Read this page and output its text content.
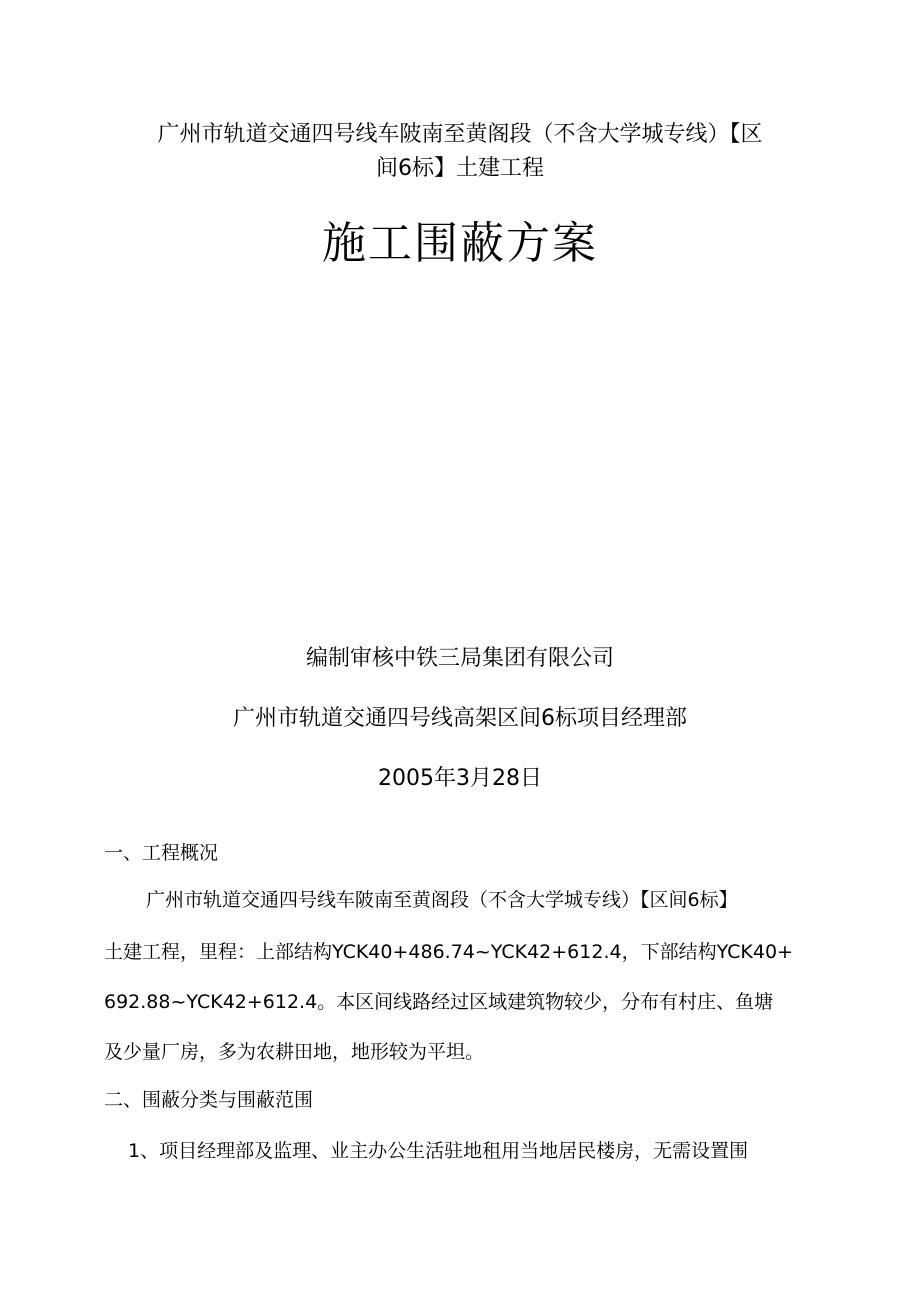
广州市轨道交通四号线车陂南至黄阁段（不含大学城专线）【区
间6标】土建工程
施工围蔽方案
编制审核中铁三局集团有限公司
广州市轨道交通四号线高架区间6标项目经理部
2005年3月28日
一、工程概况
广州市轨道交通四号线车陂南至黄阁段（不含大学城专线）【区间6标】
土建工程，里程：上部结构YCK40+486.74~YCK42+612.4，下部结构YCK40+
692.88~YCK42+612.4。本区间线路经过区域建筑物较少，分布有村庄、鱼塘
及少量厂房，多为农耕田地，地形较为平坦。
二、围蔽分类与围蔽范围
1、项目经理部及监理、业主办公生活驻地租用当地居民楼房，无需设置围
